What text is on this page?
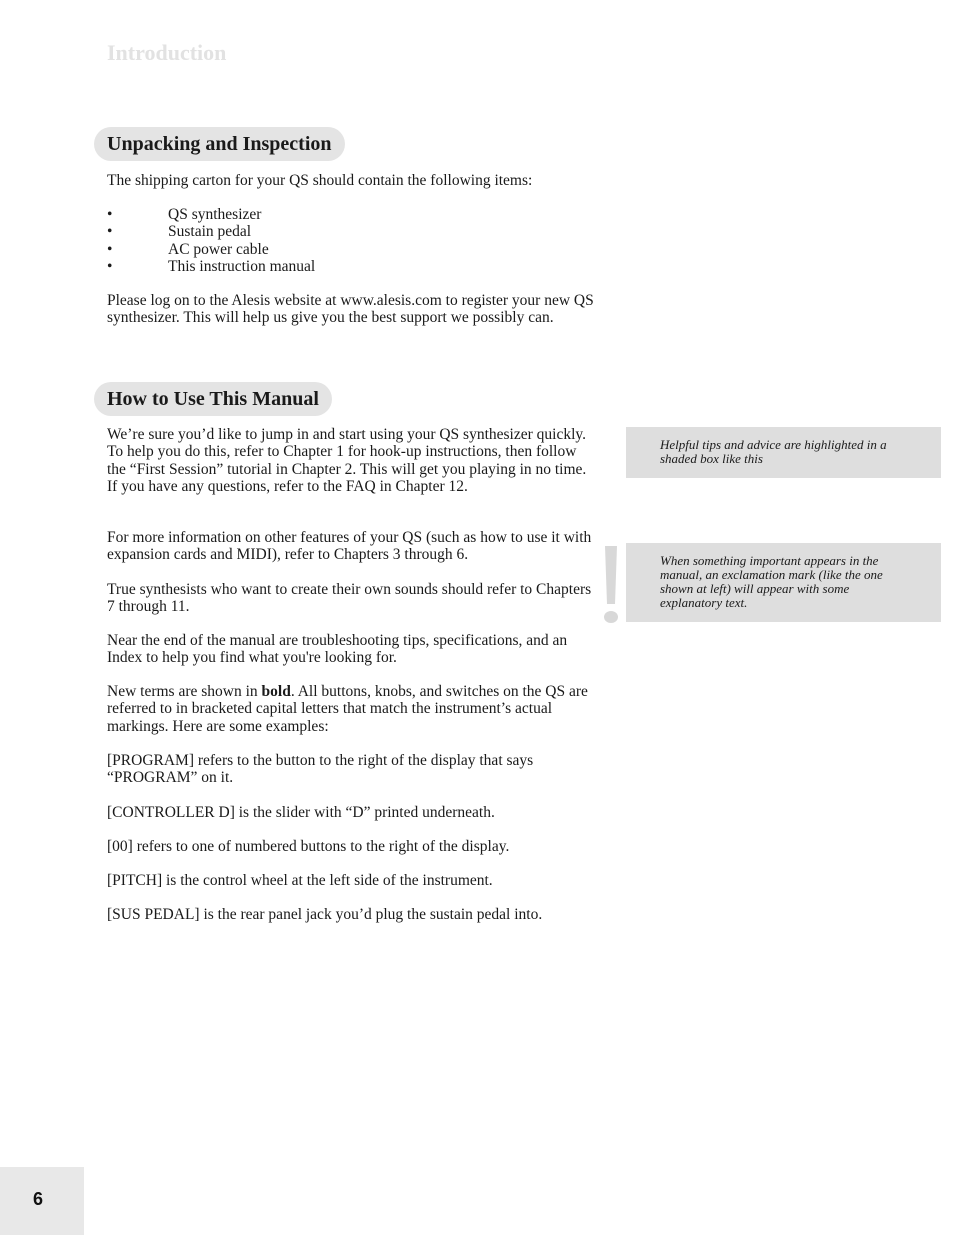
Introduction
Unpacking and Inspection

The shipping carton for your QS should contain the following items:

•	QS synthesizer
•	Sustain pedal
•	AC power cable
•	This instruction manual

Please log on to the Alesis website at www.alesis.com to register your new QS synthesizer. This will help us give you the best support we possibly can.

How to Use This Manual

We’re sure you’d like to jump in and start using your QS synthesizer quickly. To help you do this, refer to Chapter 1 for hook-up instructions, then follow the “First Session” tutorial in Chapter 2. This will get you playing in no time. If you have any questions, refer to the FAQ in Chapter 12.

For more information on other features of your QS (such as how to use it with expansion cards and MIDI), refer to Chapters 3 through 6.

True synthesists who want to create their own sounds should refer to Chapters 7 through 11.

Near the end of the manual are troubleshooting tips, specifications, and an Index to help you find what you're looking for.

New terms are shown in bold. All buttons, knobs, and switches on the QS are referred to in bracketed capital letters that match the instrument’s actual markings. Here are some examples:

[PROGRAM] refers to the button to the right of the display that says “PROGRAM” on it.

[CONTROLLER D] is the slider with “D” printed underneath.

[00] refers to one of numbered buttons to the right of the display.

[PITCH] is the control wheel at the left side of the instrument.

[SUS PEDAL] is the rear panel jack you’d plug the sustain pedal into.

Helpful tips and advice are highlighted in a shaded box like this
When something important appears in the manual, an exclamation mark (like the one shown at left) will appear with some explanatory text.
6
